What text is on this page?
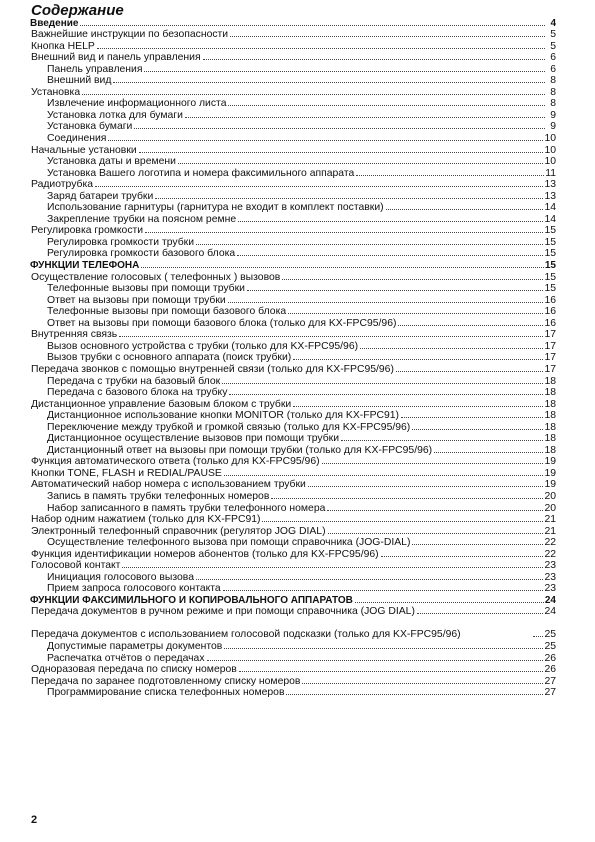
Содержание
Введение	4
Важнейшие инструкции по безопасности	5
Кнопка HELP	5
Внешний вид и панель управления	6
Панель управления	6
Внешний вид	8
Установка	8
Извлечение информационного листа	8
Установка лотка для бумаги	9
Установка бумаги	9
Соединения	10
Начальные установки	10
Установка даты и времени	10
Установка Вашего логотипа и номера факсимильного аппарата	11
Радиотрубка	13
Заряд батареи трубки	13
Использование гарнитуры (гарнитура не входит в комплект поставки)	14
Закрепление трубки на поясном ремне	14
Регулировка громкости	15
Регулировка громкости трубки	15
Регулировка громкости базового блока	15
ФУНКЦИИ ТЕЛЕФОНА	15
Осуществление голосовых ( телефонных ) вызовов	15
Телефонные вызовы при помощи трубки	15
Ответ на вызовы при помощи трубки	16
Телефонные вызовы при помощи базового блока	16
Ответ на вызовы при помощи базового блока (только для KX-FPC95/96)	16
Внутренняя связь	17
Вызов основного устройства с трубки (только для KX-FPC95/96)	17
Вызов трубки с основного аппарата (поиск трубки)	17
Передача звонков с помощью внутренней связи (только для KX-FPC95/96)	17
Передача с трубки на базовый блок	18
Передача с базового блока на трубку	18
Дистанционное управление базовым блоком с трубки	18
Дистанционное использование кнопки MONITOR (только для KX-FPC91)	18
Переключение между трубкой и громкой связью (только для KX-FPC95/96)	18
Дистанционное осуществление вызовов при помощи трубки	18
Дистанционный ответ на вызовы при помощи трубки (только для KX-FPC95/96)	18
Функция автоматического ответа (только для KX-FPC95/96)	19
Кнопки TONE, FLASH и REDIAL/PAUSE	19
Автоматический набор номера с использованием трубки	19
Запись в память трубки телефонных номеров	20
Набор записанного в память трубки телефонного номера	20
Набор одним нажатием (только для KX-FPC91)	21
Электронный телефонный справочник (регулятор JOG DIAL)	21
Осуществление телефонного вызова при помощи справочника (JOG-DIAL)	22
Функция идентификации номеров абонентов (только для KX-FPC95/96)	22
Голосовой контакт	23
Инициация голосового вызова	23
Прием запроса голосового контакта	23
ФУНКЦИИ ФАКСИМИЛЬНОГО И КОПИРОВАЛЬНОГО АППАРАТОВ	24
Передача документов в ручном режиме и при помощи справочника (JOG DIAL)	24
Передача документов с использованием голосовой подсказки (только для KX-FPC95/96)	25
Допустимые параметры документов	25
Распечатка отчётов о передачах	26
Одноразовая передача по списку номеров	26
Передача по заранее подготовленному списку номеров	27
Программирование списка телефонных номеров	27
2
